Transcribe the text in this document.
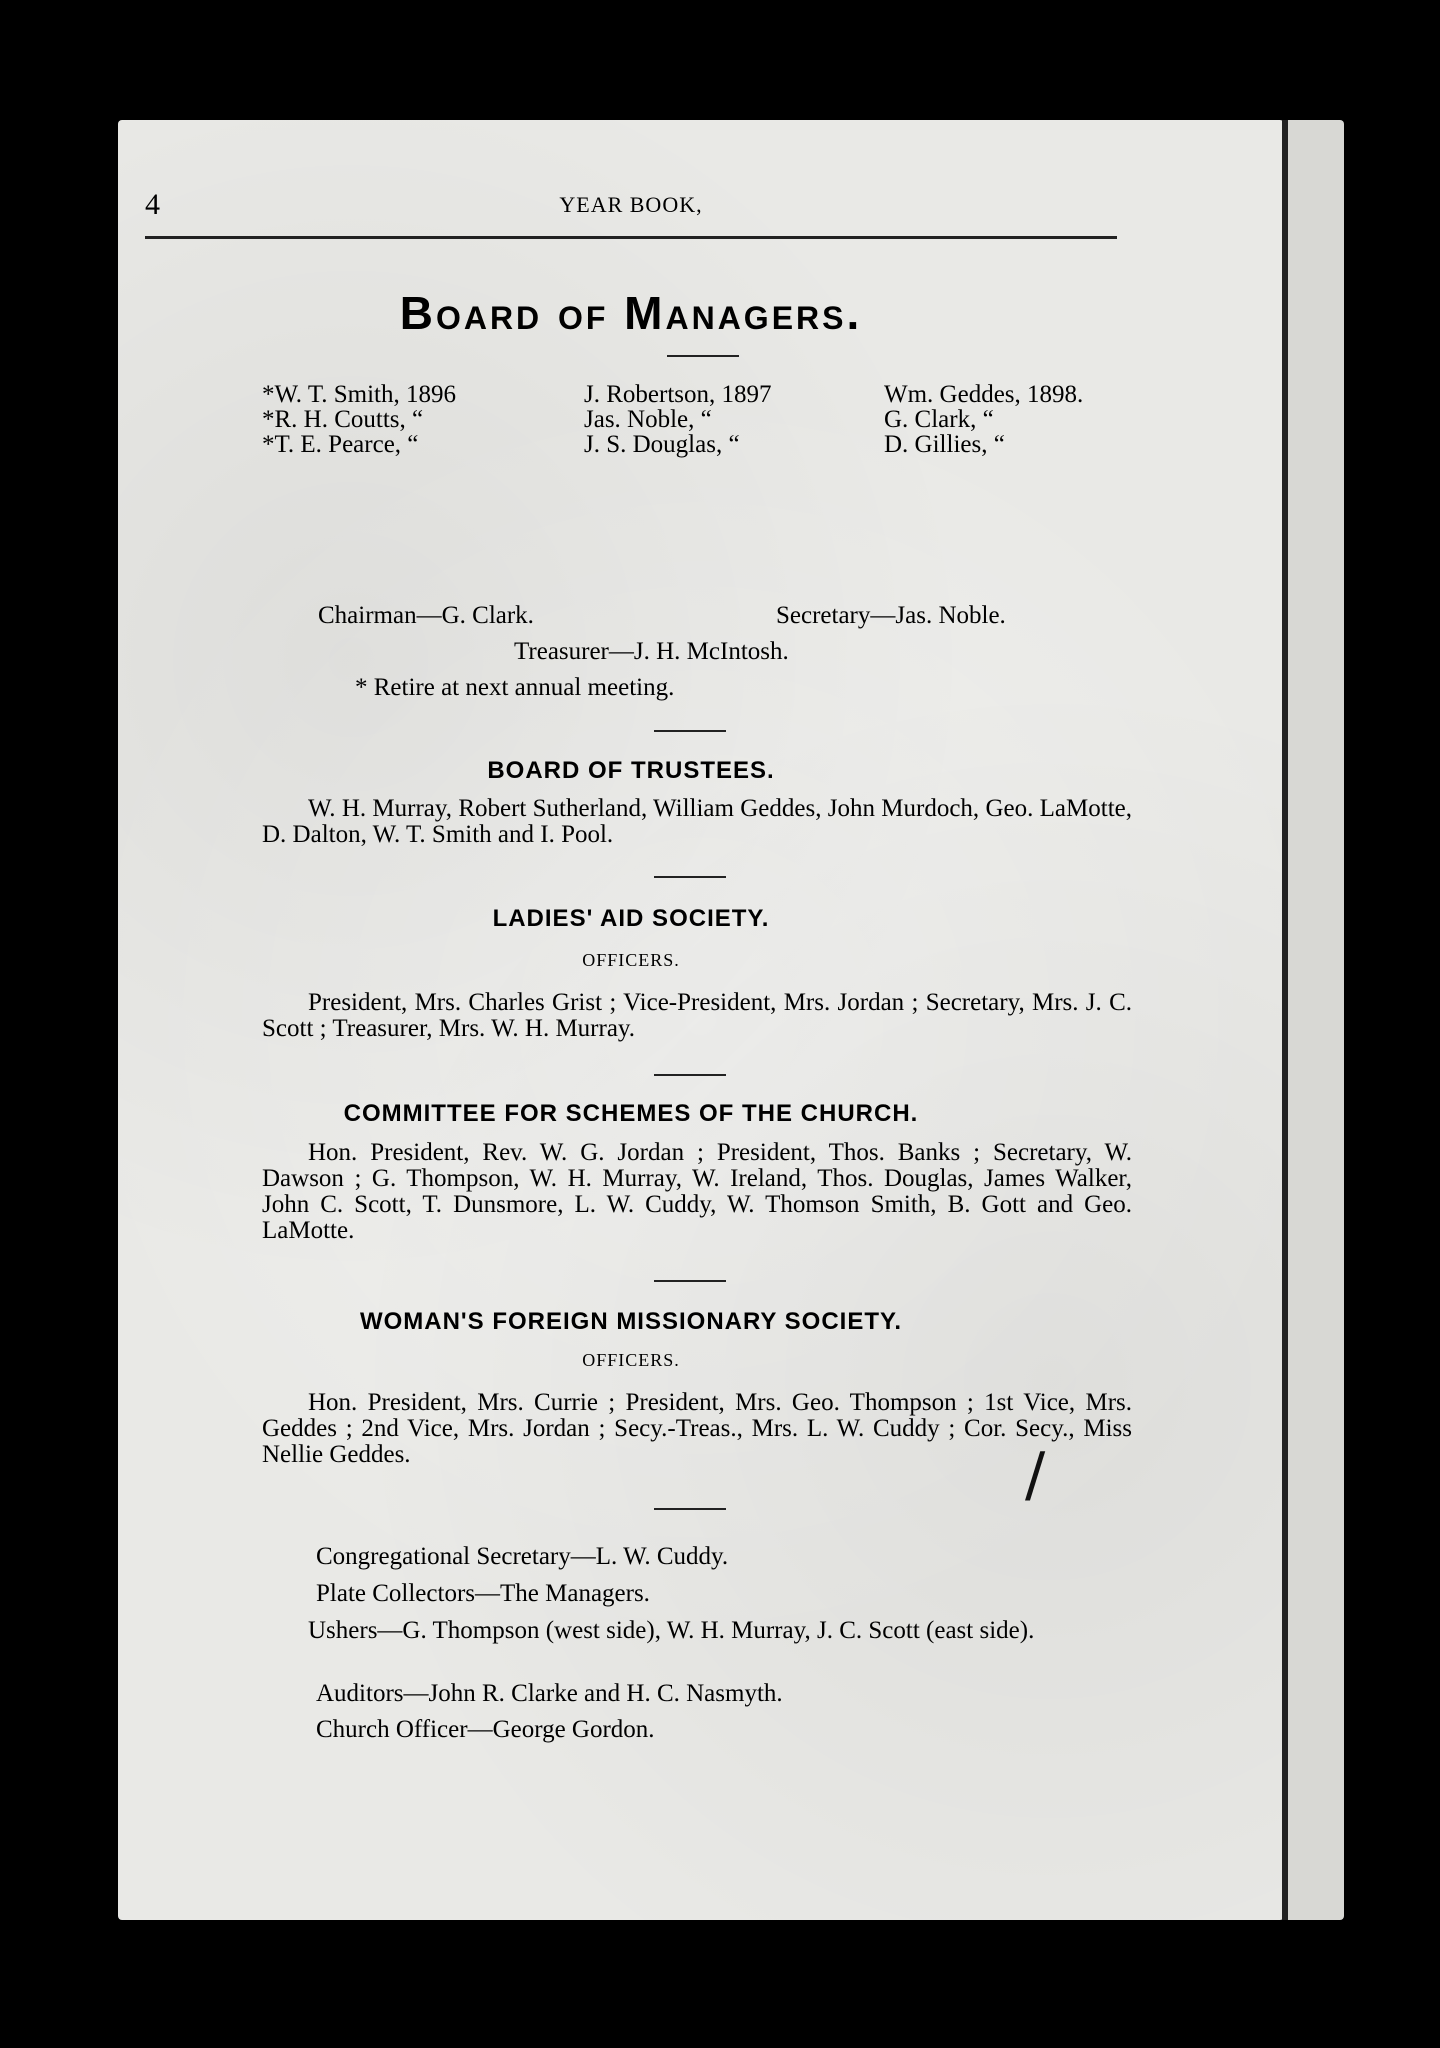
4	YEAR BOOK,
Board of Managers.
*W. T. Smith, 1896	J. Robertson, 1897	Wm. Geddes, 1898.
*R. H. Coutts, “	Jas. Noble, “	G. Clark, “
*T. E. Pearce, “	J. S. Douglas, “	D. Gillies, “
Chairman—G. Clark.	Secretary—Jas. Noble.
Treasurer—J. H. McIntosh.
* Retire at next annual meeting.
BOARD OF TRUSTEES.
W. H. Murray, Robert Sutherland, William Geddes, John Murdoch, Geo. LaMotte, D. Dalton, W. T. Smith and I. Pool.
LADIES' AID SOCIETY.
OFFICERS.
President, Mrs. Charles Grist ; Vice-President, Mrs. Jordan ; Secretary, Mrs. J. C. Scott ; Treasurer, Mrs. W. H. Murray.
COMMITTEE FOR SCHEMES OF THE CHURCH.
Hon. President, Rev. W. G. Jordan ; President, Thos. Banks ; Secretary, W. Dawson ; G. Thompson, W. H. Murray, W. Ireland, Thos. Douglas, James Walker, John C. Scott, T. Dunsmore, L. W. Cuddy, W. Thomson Smith, B. Gott and Geo. LaMotte.
WOMAN'S FOREIGN MISSIONARY SOCIETY.
OFFICERS.
Hon. President, Mrs. Currie ; President, Mrs. Geo. Thompson ; 1st Vice, Mrs. Geddes ; 2nd Vice, Mrs. Jordan ; Secy.-Treas., Mrs. L. W. Cuddy ; Cor. Secy., Miss Nellie Geddes.	/
Congregational Secretary—L. W. Cuddy.
Plate Collectors—The Managers.
Ushers—G. Thompson (west side), W. H. Murray, J. C. Scott (east side).
Auditors—John R. Clarke and H. C. Nasmyth.
Church Officer—George Gordon.
